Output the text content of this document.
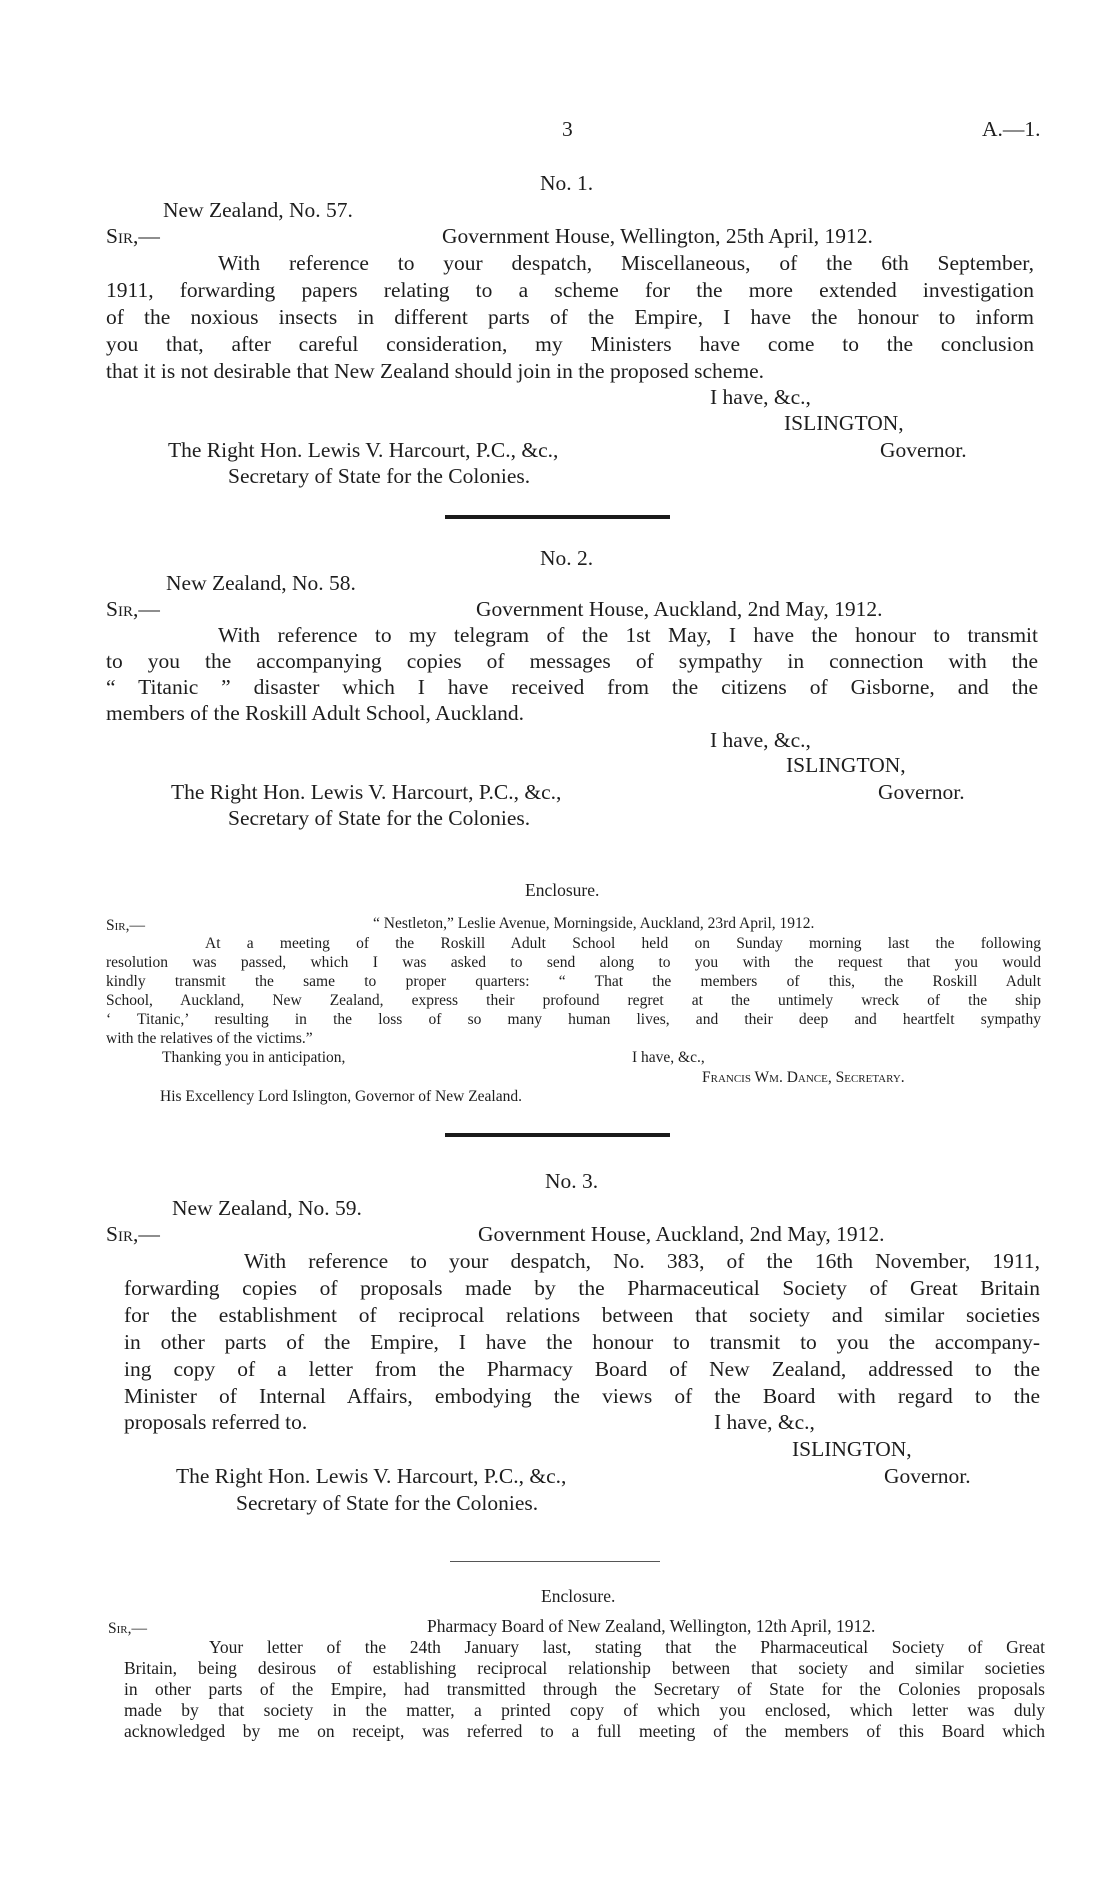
3	A.—1.
No. 1.
New Zealand, No. 57.
Sir,—	Government House, Wellington, 25th April, 1912.
With reference to your despatch, Miscellaneous, of the 6th September,
1911, forwarding papers relating to a scheme for the more extended investigation
of the noxious insects in different parts of the Empire, I have the honour to inform
you that, after careful consideration, my Ministers have come to the conclusion
that it is not desirable that New Zealand should join in the proposed scheme.
I have, &c.,
ISLINGTON,
The Right Hon. Lewis V. Harcourt, P.C., &c.,	Governor.
Secretary of State for the Colonies.
No. 2.
New Zealand, No. 58.
Sir,—	Government House, Auckland, 2nd May, 1912.
With reference to my telegram of the 1st May, I have the honour to transmit
to you the accompanying copies of messages of sympathy in connection with the
“ Titanic ” disaster which I have received from the citizens of Gisborne, and the
members of the Roskill Adult School, Auckland.
I have, &c.,
ISLINGTON,
The Right Hon. Lewis V. Harcourt, P.C., &c.,	Governor.
Secretary of State for the Colonies.
Enclosure.
Sir,—	“ Nestleton,” Leslie Avenue, Morningside, Auckland, 23rd April, 1912.
At a meeting of the Roskill Adult School held on Sunday morning last the following
resolution was passed, which I was asked to send along to you with the request that you would
kindly transmit the same to proper quarters: “ That the members of this, the Roskill Adult
School, Auckland, New Zealand, express their profound regret at the untimely wreck of the ship
‘ Titanic,’ resulting in the loss of so many human lives, and their deep and heartfelt sympathy
with the relatives of the victims.”
Thanking you in anticipation,	I have, &c.,
Francis Wm. Dance, Secretary.
His Excellency Lord Islington, Governor of New Zealand.
No. 3.
New Zealand, No. 59.
Sir,—	Government House, Auckland, 2nd May, 1912.
With reference to your despatch, No. 383, of the 16th November, 1911,
forwarding copies of proposals made by the Pharmaceutical Society of Great Britain
for the establishment of reciprocal relations between that society and similar societies
in other parts of the Empire, I have the honour to transmit to you the accompany-
ing copy of a letter from the Pharmacy Board of New Zealand, addressed to the
Minister of Internal Affairs, embodying the views of the Board with regard to the
proposals referred to.	I have, &c.,
ISLINGTON,
The Right Hon. Lewis V. Harcourt, P.C., &c.,	Governor.
Secretary of State for the Colonies.
Enclosure.
Sir,—	Pharmacy Board of New Zealand, Wellington, 12th April, 1912.
Your letter of the 24th January last, stating that the Pharmaceutical Society of Great
Britain, being desirous of establishing reciprocal relationship between that society and similar societies
in other parts of the Empire, had transmitted through the Secretary of State for the Colonies proposals
made by that society in the matter, a printed copy of which you enclosed, which letter was duly
acknowledged by me on receipt, was referred to a full meeting of the members of this Board which
